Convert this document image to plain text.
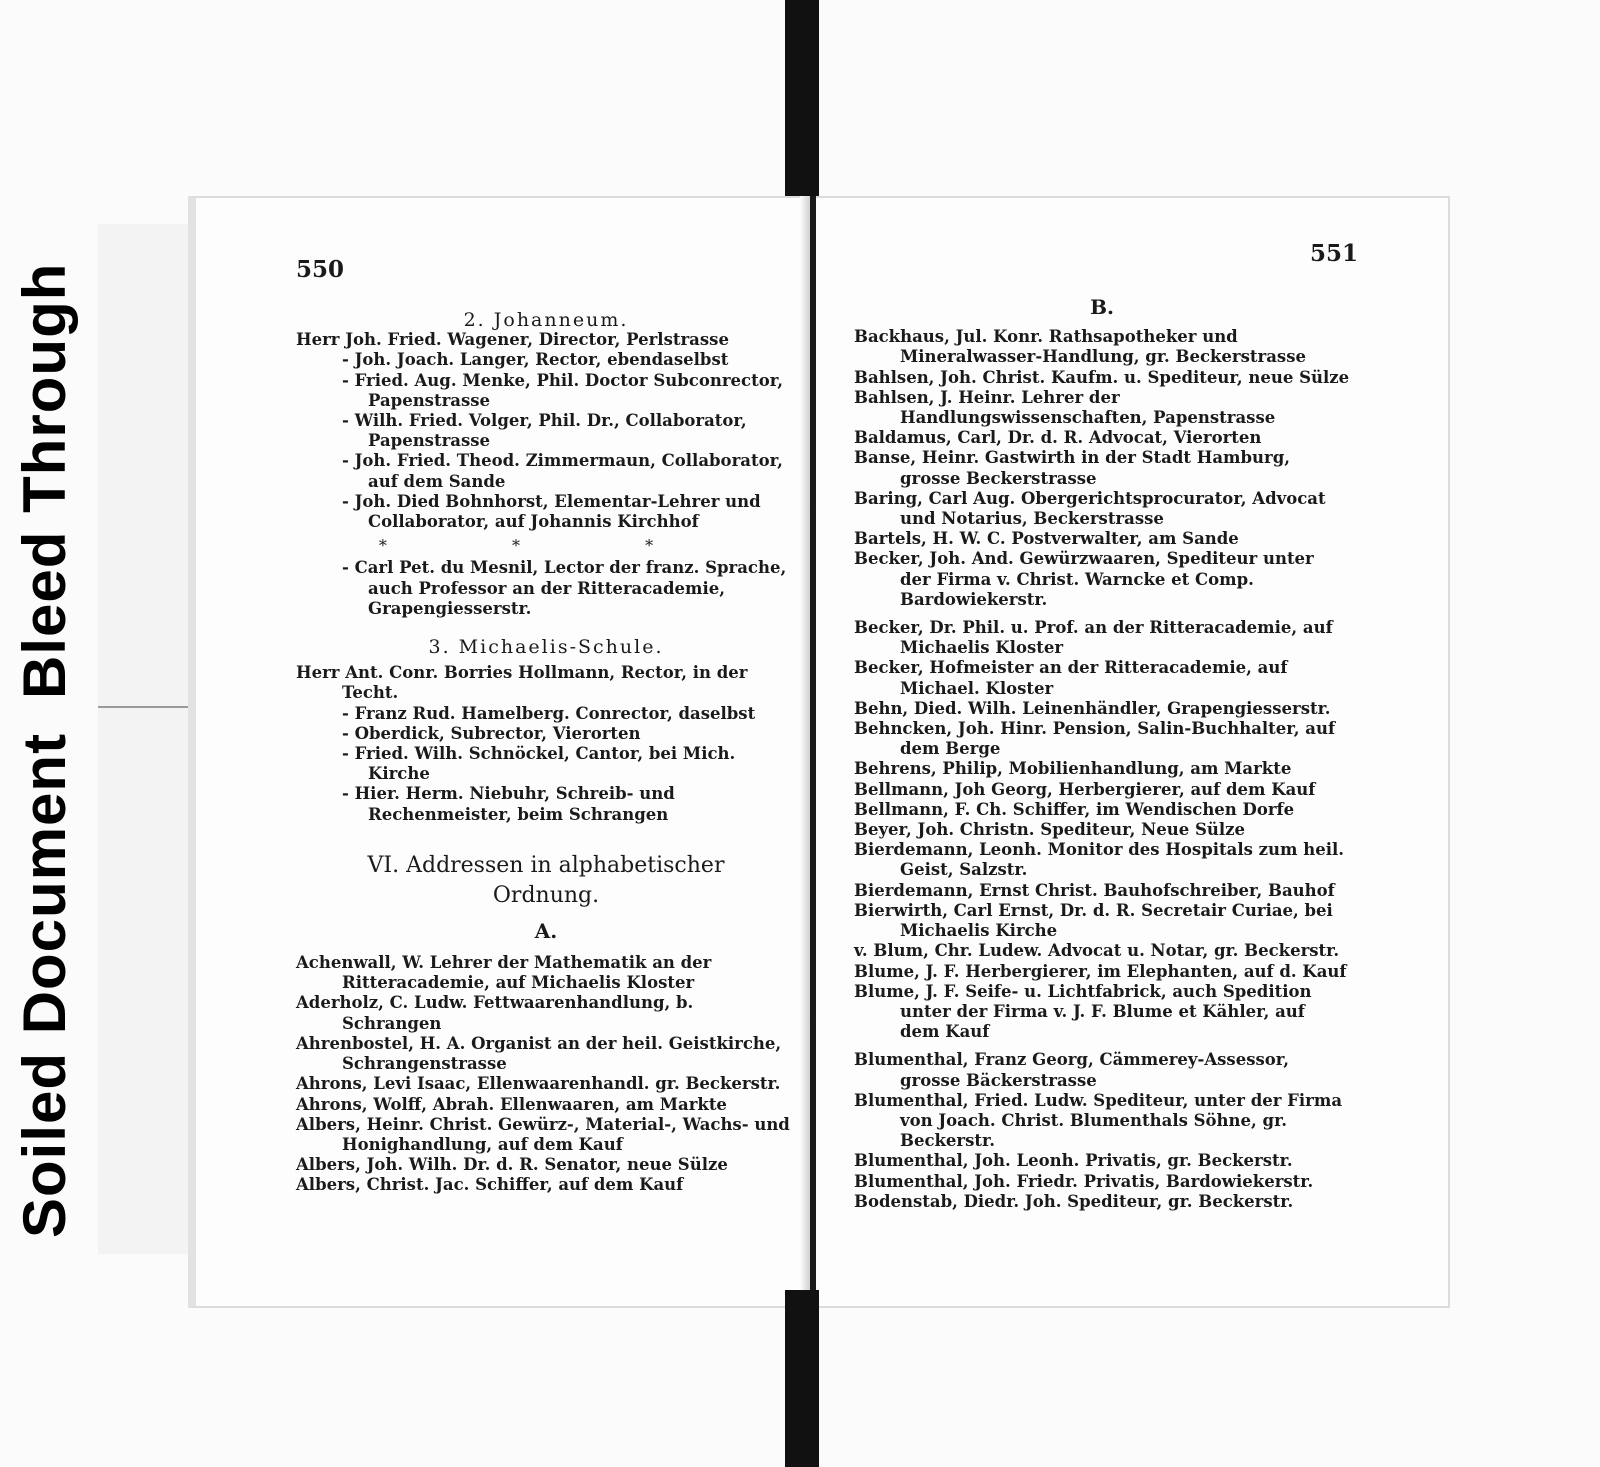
Soiled DocumentBleed Through	550
551

2. Johanneum.

Herr Joh. Fried. Wagener, Director, Perlstrasse

- Joh. Joach. Langer, Rector, ebendaselbst

- Fried. Aug. Menke, Phil. Doctor Subconrector, Papenstrasse

- Wilh. Fried. Volger, Phil. Dr., Collaborator, Papenstrasse

- Joh. Fried. Theod. Zimmermaun, Collaborator, auf dem Sande

- Joh. Died Bohnhorst, Elementar-Lehrer und Collaborator, auf Johannis Kirchhof

* * *

- Carl Pet. du Mesnil, Lector der franz. Sprache, auch Professor an der Ritteracademie, Grapengiesserstr.

3. Michaelis-Schule.

Herr Ant. Conr. Borries Hollmann, Rector, in der Techt.

- Franz Rud. Hamelberg. Conrector, daselbst

- Oberdick, Subrector, Vierorten

- Fried. Wilh. Schnöckel, Cantor, bei Mich. Kirche

- Hier. Herm. Niebuhr, Schreib- und Rechenmeister, beim Schrangen

VI. Addressen in alphabetischer Ordnung.

A.

Achenwall, W. Lehrer der Mathematik an der Ritteracademie, auf Michaelis Kloster

Aderholz, C. Ludw. Fettwaarenhandlung, b. Schrangen

Ahrenbostel, H. A. Organist an der heil. Geistkirche, Schrangenstrasse

Ahrons, Levi Isaac, Ellenwaarenhandl. gr. Beckerstr.

Ahrons, Wolff, Abrah. Ellenwaaren, am Markte

Albers, Heinr. Christ. Gewürz-, Material-, Wachs- und Honighandlung, auf dem Kauf

Albers, Joh. Wilh. Dr. d. R. Senator, neue Sülze

Albers, Christ. Jac. Schiffer, auf dem Kauf

B.

Backhaus, Jul. Konr. Rathsapotheker und Mineralwasser-Handlung, gr. Beckerstrasse

Bahlsen, Joh. Christ. Kaufm. u. Spediteur, neue Sülze

Bahlsen, J. Heinr. Lehrer der Handlungswissenschaften, Papenstrasse

Baldamus, Carl, Dr. d. R. Advocat, Vierorten

Banse, Heinr. Gastwirth in der Stadt Hamburg, grosse Beckerstrasse

Baring, Carl Aug. Obergerichtsprocurator, Advocat und Notarius, Beckerstrasse

Bartels, H. W. C. Postverwalter, am Sande

Becker, Joh. And. Gewürzwaaren, Spediteur unter der Firma v. Christ. Warncke et Comp. Bardowiekerstr.

Becker, Dr. Phil. u. Prof. an der Ritteracademie, auf Michaelis Kloster

Becker, Hofmeister an der Ritteracademie, auf Michael. Kloster

Behn, Died. Wilh. Leinenhändler, Grapengiesserstr.

Behncken, Joh. Hinr. Pension, Salin-Buchhalter, auf dem Berge

Behrens, Philip, Mobilienhandlung, am Markte

Bellmann, Joh Georg, Herbergierer, auf dem Kauf

Bellmann, F. Ch. Schiffer, im Wendischen Dorfe

Beyer, Joh. Christn. Spediteur, Neue Sülze

Bierdemann, Leonh. Monitor des Hospitals zum heil. Geist, Salzstr.

Bierdemann, Ernst Christ. Bauhofschreiber, Bauhof

Bierwirth, Carl Ernst, Dr. d. R. Secretair Curiae, bei Michaelis Kirche

v. Blum, Chr. Ludew. Advocat u. Notar, gr. Beckerstr.

Blume, J. F. Herbergierer, im Elephanten, auf d. Kauf

Blume, J. F. Seife- u. Lichtfabrick, auch Spedition unter der Firma v. J. F. Blume et Kähler, auf dem Kauf

Blumenthal, Franz Georg, Cämmerey-Assessor, grosse Bäckerstrasse

Blumenthal, Fried. Ludw. Spediteur, unter der Firma von Joach. Christ. Blumenthals Söhne, gr. Beckerstr.

Blumenthal, Joh. Leonh. Privatis, gr. Beckerstr.

Blumenthal, Joh. Friedr. Privatis, Bardowiekerstr.

Bodenstab, Diedr. Joh. Spediteur, gr. Beckerstr.
